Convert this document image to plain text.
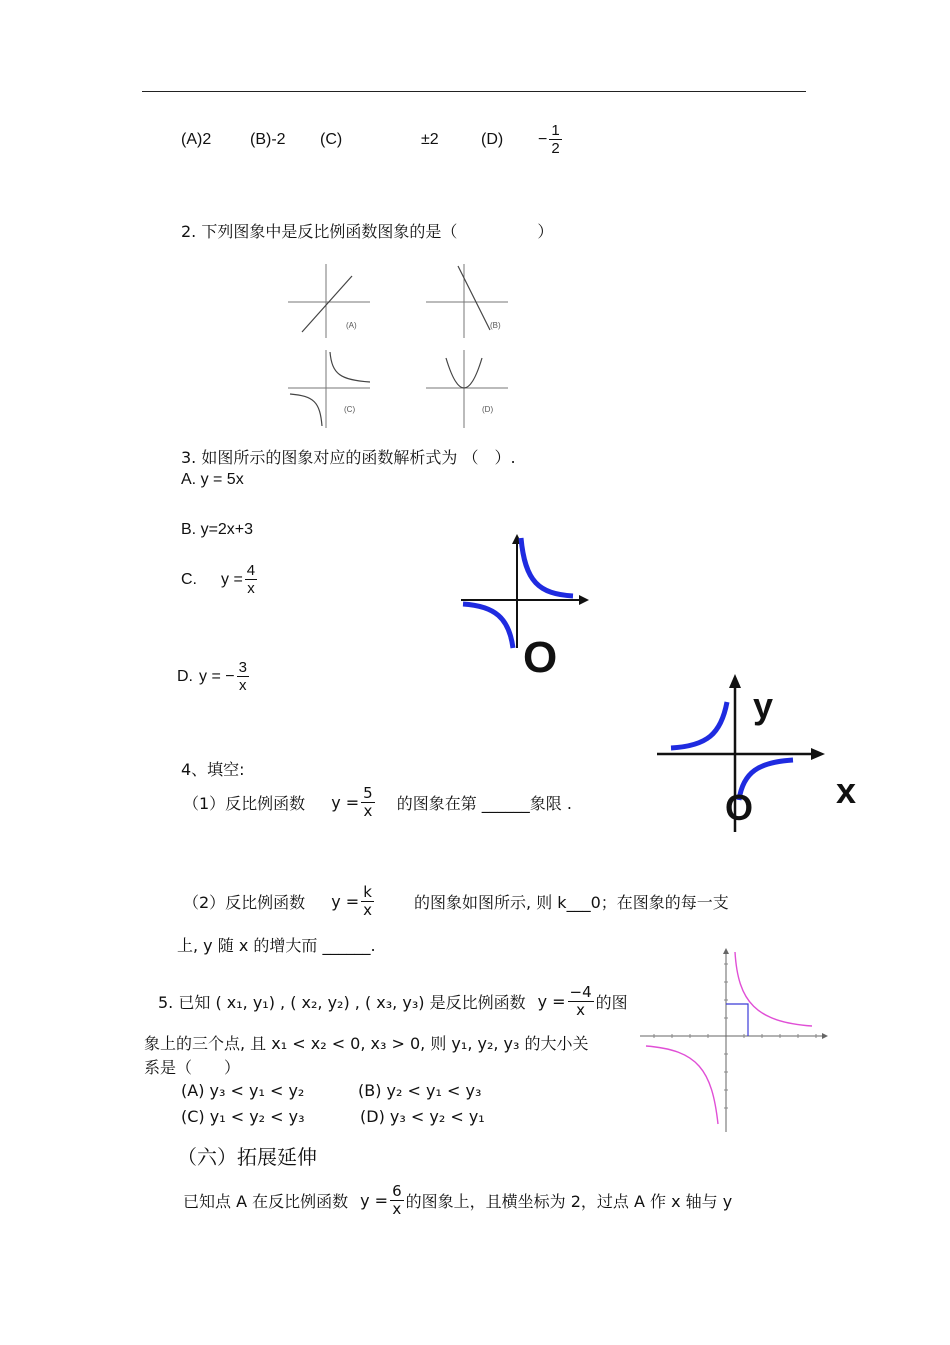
(A)2 (B)-2 (C)	±2	$(D) - \frac{1}{2}$
2. 下列图象中是反比例函数图象的是（　　　　　）
(A)	(B)
(C)	(D)
3. 如图所示的图象对应的函数解析式为 （　）.
A. y = 5x
B. y=2x+3
C. $y = \frac{4}{x}$
D. y = − $\frac{3}{x}$	O
4、填空:
（1）反比例函数 $y = \frac{5}{x}$ 的图象在第 ______象限 .
（2）反比例函数 $y = \frac{k}{x}$	的图象如图所示, 则 k___0；在图象的每一支
上, y 随 x 的增大而 ______.
y
x
O
5. 已知 ( x₁, y₁) , ( x₂, y₂) , ( x₃, y₃) 是反比例函数 $y = \frac{-4}{x}$ 的图
象上的三个点, 且 x₁ < x₂ < 0, x₃ > 0, 则 y₁, y₂, y₃ 的大小关
系是（　　）
(A) y₃ < y₁ < y₂	(B) y₂ < y₁ < y₃
(C) y₁ < y₂ < y₃	(D) y₃ < y₂ < y₁
（六）拓展延伸
已知点 A 在反比例函数 $y = \frac{6}{x}$ 的图象上，且横坐标为 2，过点 A 作 x 轴与 y
